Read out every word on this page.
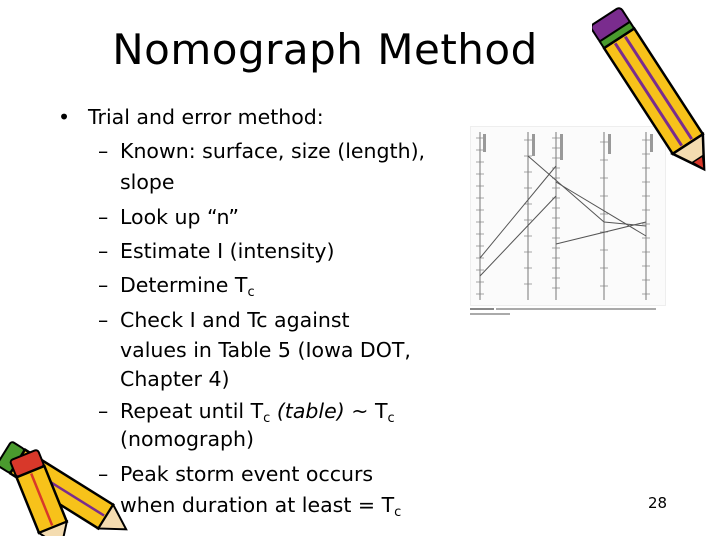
Nomograph Method
• Trial and error method:
– Known: surface, size (length),
slope
– Look up “n”
– Estimate I (intensity)
– Determine $T_c$
– Check I and Tc against
values in Table 5 (Iowa DOT,
Chapter 4)
– Repeat until $T_c$ (table) ~ $T_c$
(nomograph)
– Peak storm event occurs
when duration at least = $T_c$
28
